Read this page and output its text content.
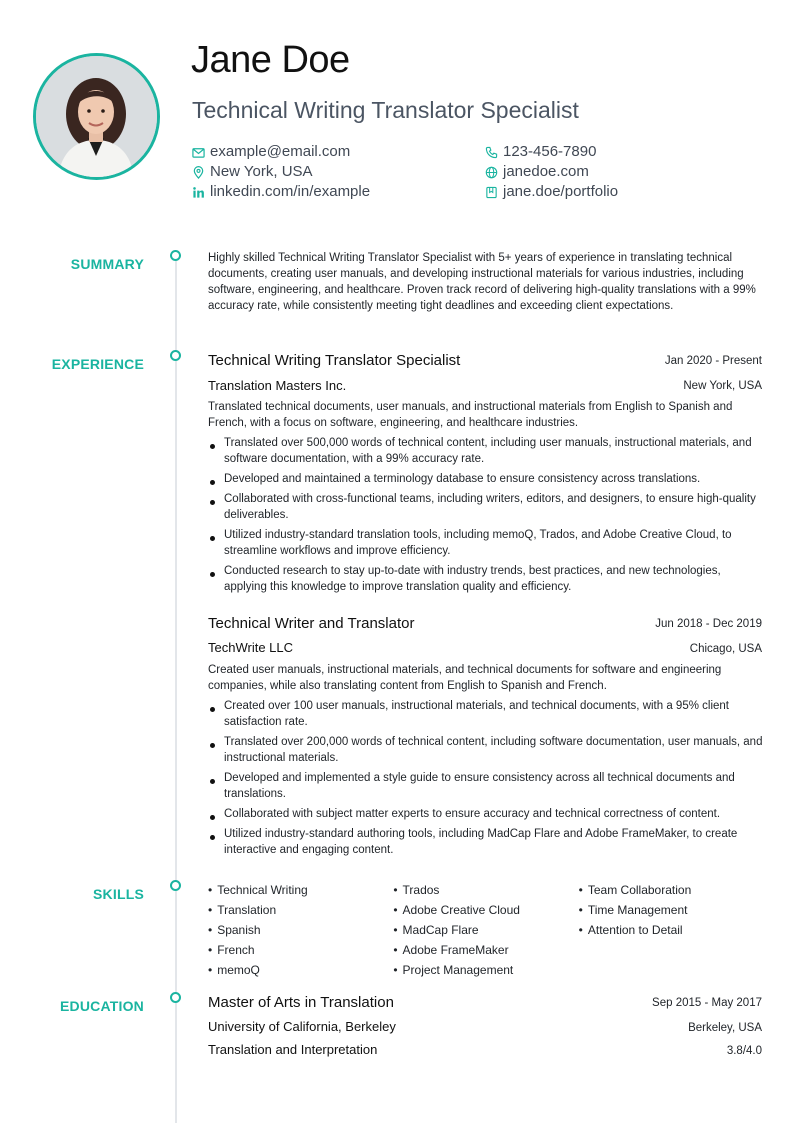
Jane Doe
Technical Writing Translator Specialist
example@email.com
New York, USA
linkedin.com/in/example
123-456-7890
janedoe.com
jane.doe/portfolio
SUMMARY	Highly skilled Technical Writing Translator Specialist with 5+ years of experience in translating technical documents, creating user manuals, and developing instructional materials for various industries, including software, engineering, and healthcare. Proven track record of delivering high-quality translations with a 99% accuracy rate, while consistently meeting tight deadlines and exceeding client expectations.
EXPERIENCE	Technical Writing Translator Specialist	Jan 2020 - Present
Translation Masters Inc.	New York, USA
Translated technical documents, user manuals, and instructional materials from English to Spanish and French, with a focus on software, engineering, and healthcare industries.
Translated over 500,000 words of technical content, including user manuals, instructional materials, and software documentation, with a 99% accuracy rate.
Developed and maintained a terminology database to ensure consistency across translations.
Collaborated with cross-functional teams, including writers, editors, and designers, to ensure high-quality deliverables.
Utilized industry-standard translation tools, including memoQ, Trados, and Adobe Creative Cloud, to streamline workflows and improve efficiency.
Conducted research to stay up-to-date with industry trends, best practices, and new technologies, applying this knowledge to improve translation quality and efficiency.
Technical Writer and Translator	Jun 2018 - Dec 2019
TechWrite LLC	Chicago, USA
Created user manuals, instructional materials, and technical documents for software and engineering companies, while also translating content from English to Spanish and French.
Created over 100 user manuals, instructional materials, and technical documents, with a 95% client satisfaction rate.
Translated over 200,000 words of technical content, including software documentation, user manuals, and instructional materials.
Developed and implemented a style guide to ensure consistency across all technical documents and translations.
Collaborated with subject matter experts to ensure accuracy and technical correctness of content.
Utilized industry-standard authoring tools, including MadCap Flare and Adobe FrameMaker, to create interactive and engaging content.
SKILLS
•	Technical Writing
• Translation
• Spanish
• French
• memoQ
• Trados
• Adobe Creative Cloud
• MadCap Flare
• Adobe FrameMaker
• Project Management
• Team Collaboration
• Time Management
• Attention to Detail
EDUCATION	Master of Arts in Translation	Sep 2015 - May 2017
University of California, Berkeley	Berkeley, USA
Translation and Interpretation	3.8/4.0
